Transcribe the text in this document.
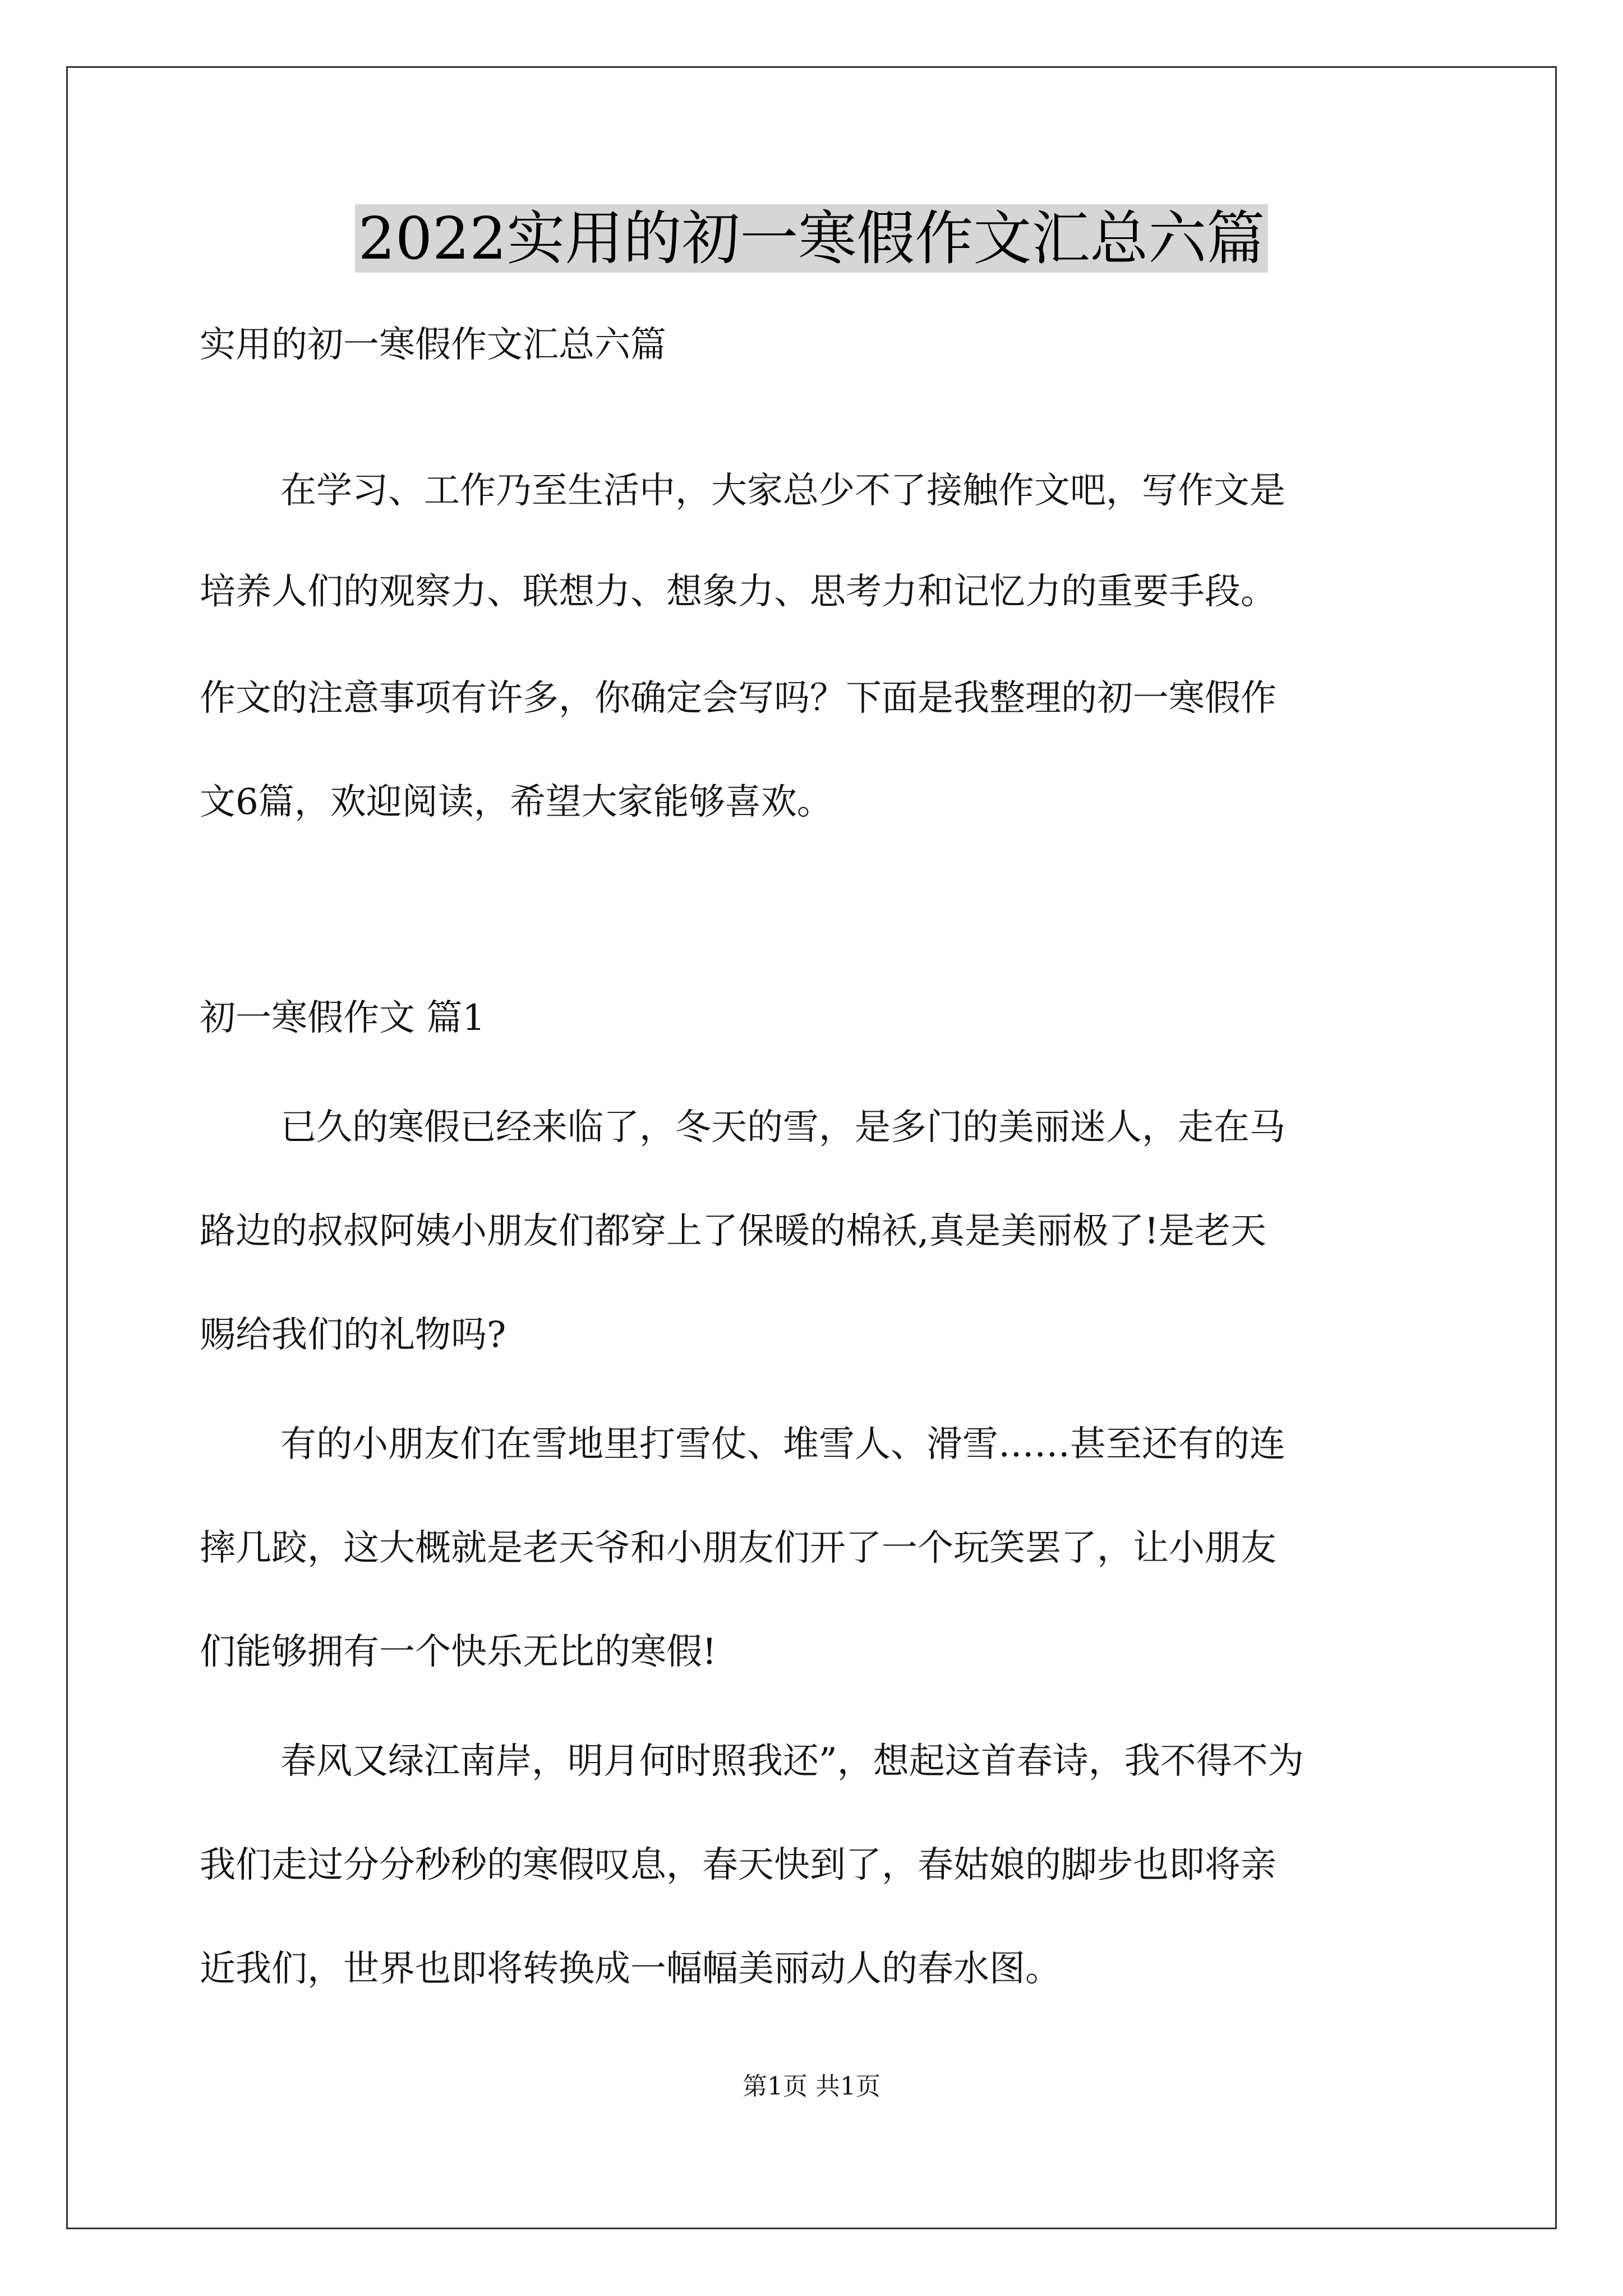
2022实用的初一寒假作文汇总六篇
实用的初一寒假作文汇总六篇
在学习、工作乃至生活中，大家总少不了接触作文吧，写作文是
培养人们的观察力、联想力、想象力、思考力和记忆力的重要手段。
作文的注意事项有许多，你确定会写吗？下面是我整理的初一寒假作
文6篇，欢迎阅读，希望大家能够喜欢。
初一寒假作文 篇1
已久的寒假已经来临了，冬天的雪，是多门的美丽迷人，走在马
路边的叔叔阿姨小朋友们都穿上了保暖的棉袄,真是美丽极了!是老天
赐给我们的礼物吗?
有的小朋友们在雪地里打雪仗、堆雪人、滑雪……甚至还有的连
摔几跤，这大概就是老天爷和小朋友们开了一个玩笑罢了，让小朋友
们能够拥有一个快乐无比的寒假!
春风又绿江南岸，明月何时照我还”，想起这首春诗，我不得不为
我们走过分分秒秒的寒假叹息，春天快到了，春姑娘的脚步也即将亲
近我们，世界也即将转换成一幅幅美丽动人的春水图。
第1页 共1页
